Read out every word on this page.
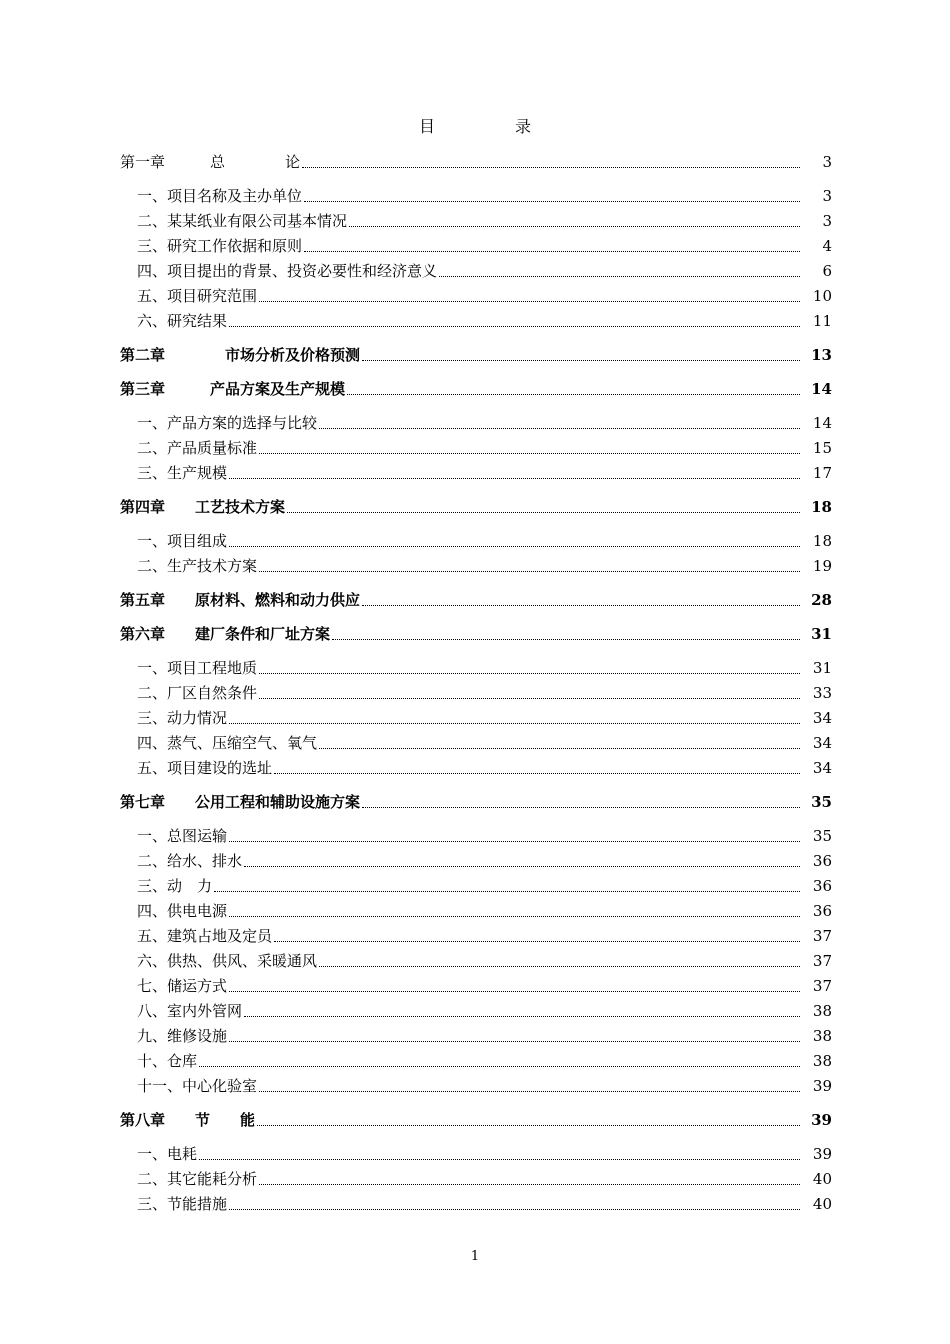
目	录
第一章　　　总　　　　论	3
一、项目名称及主办单位	3
二、某某纸业有限公司基本情况	3
三、研究工作依据和原则	4
四、项目提出的背景、投资必要性和经济意义	6
五、项目研究范围	10
六、研究结果	11
第二章　　　　市场分析及价格预测	13
第三章　　　产品方案及生产规模	14
一、产品方案的选择与比较	14
二、产品质量标准	15
三、生产规模	17
第四章　　工艺技术方案	18
一、项目组成	18
二、生产技术方案	19
第五章　　原材料、燃料和动力供应	28
第六章　　建厂条件和厂址方案	31
一、项目工程地质	31
二、厂区自然条件	33
三、动力情况	34
四、蒸气、压缩空气、氧气	34
五、项目建设的选址	34
第七章　　公用工程和辅助设施方案	35
一、总图运输	35
二、给水、排水	36
三、动　力	36
四、供电电源	36
五、建筑占地及定员	37
六、供热、供风、采暖通风	37
七、储运方式	37
八、室内外管网	38
九、维修设施	38
十、仓库	38
十一、中心化验室	39
第八章　　节　　能	39
一、电耗	39
二、其它能耗分析	40
三、节能措施	40
1
